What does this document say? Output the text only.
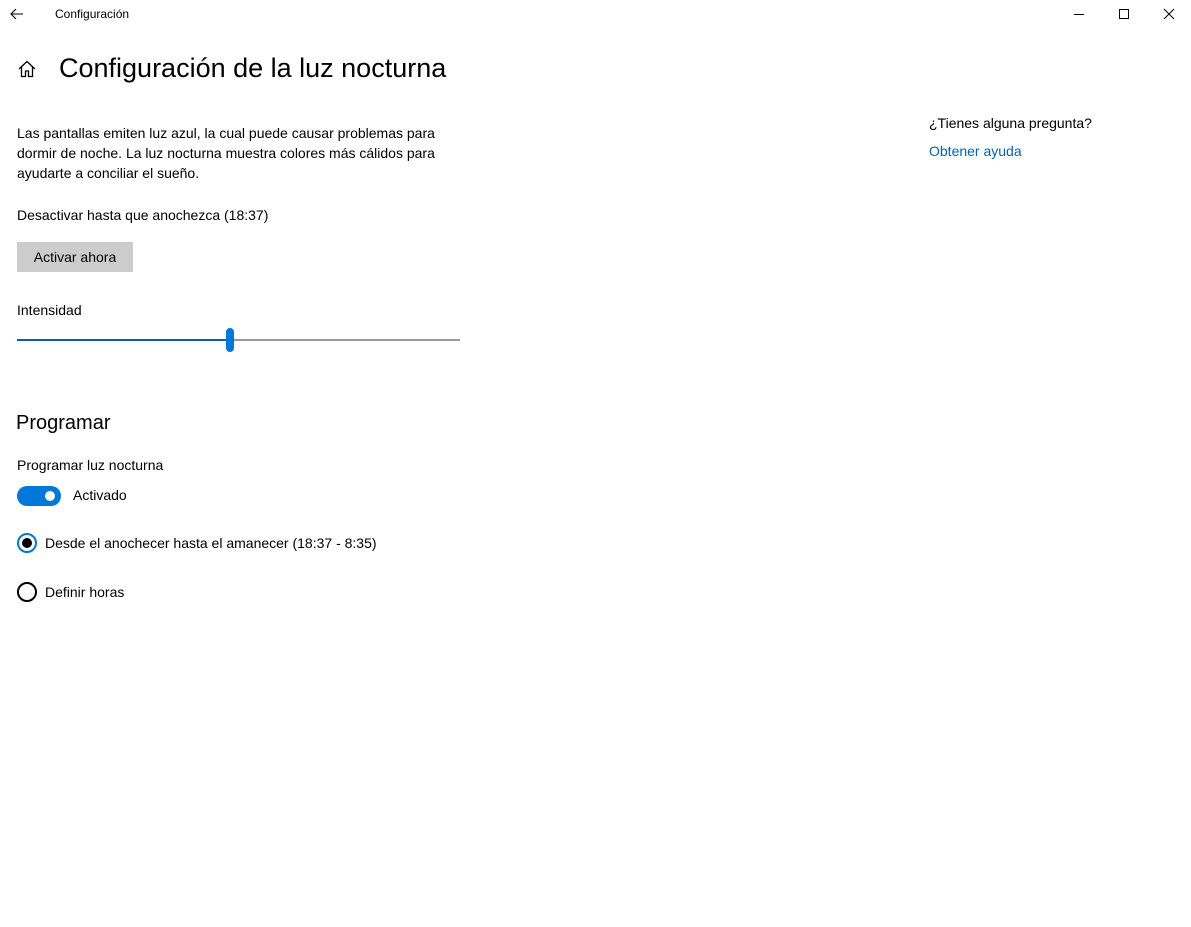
Configuración
Configuración de la luz nocturna
Las pantallas emiten luz azul, la cual puede causar problemas para dormir de noche. La luz nocturna muestra colores más cálidos para ayudarte a conciliar el sueño.
Desactivar hasta que anochezca (18:37)
Activar ahora
Intensidad
Programar
Programar luz nocturna
Activado
Desde el anochecer hasta el amanecer (18:37 - 8:35)
Definir horas
¿Tienes alguna pregunta?
Obtener ayuda
